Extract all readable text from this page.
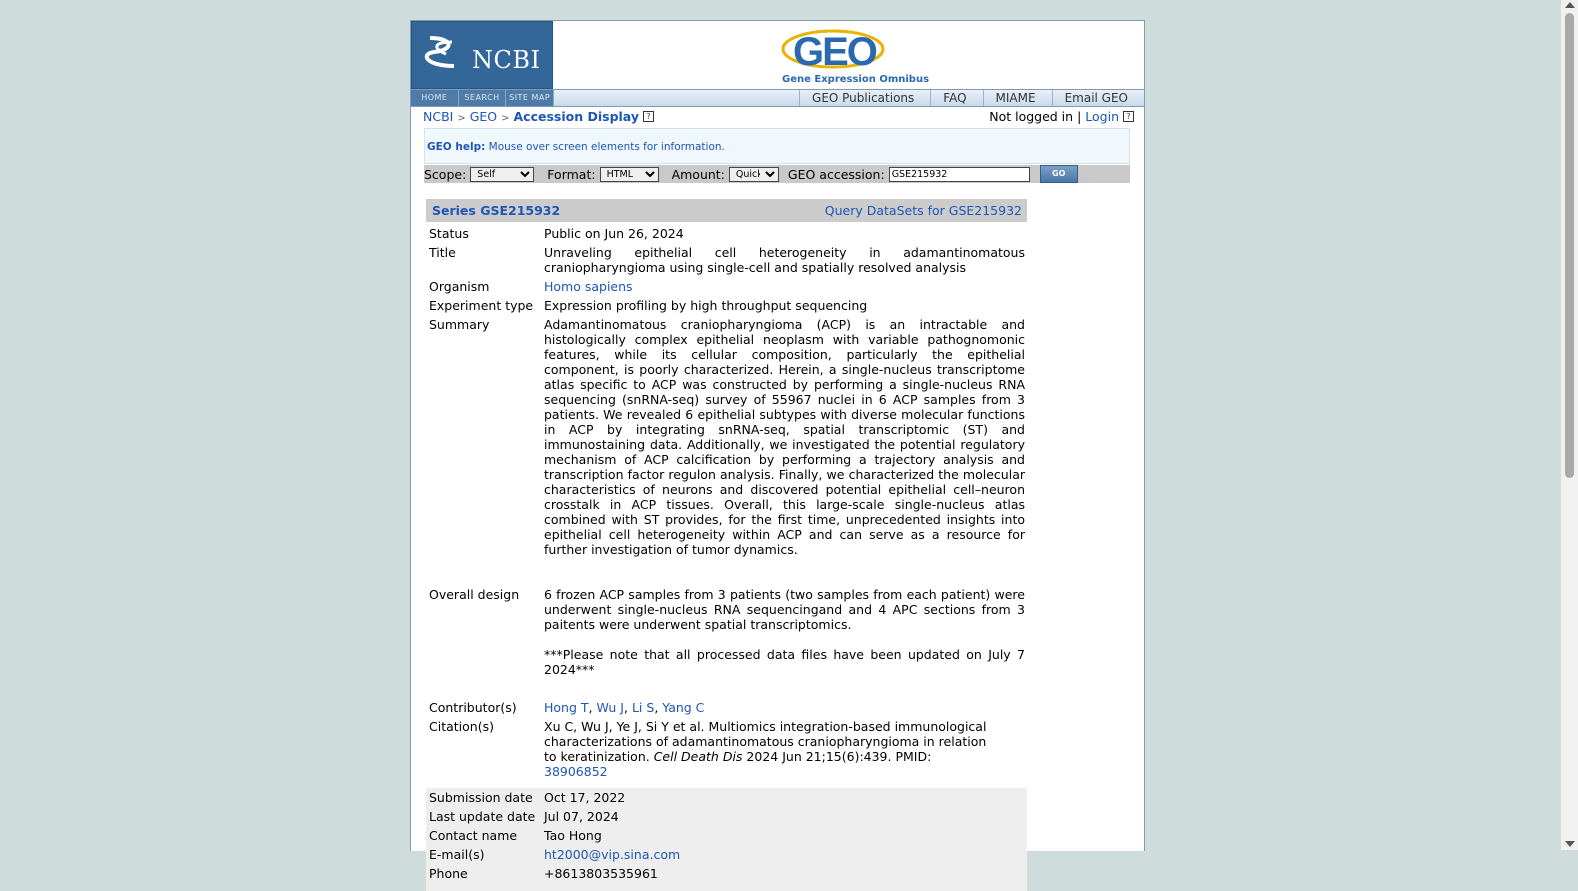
NCBI	GEO
Gene Expression Omnibus
HOME	SEARCH	SITE MAP	GEO Publications	FAQ	MIAME	Email GEO
NCBI > GEO > Accession Display ?	Not logged in | Login ?
GEO help: Mouse over screen elements for information.
Scope:
Self	Format:
HTML	Amount:
Quick	GEO accession:
GSE215932	GO
Series GSE215932	Query DataSets for GSE215932

Status	Public on Jun 26, 2024

Title	Unraveling epithelial cell heterogeneity in adamantinomatous craniopharyngioma using single-cell and spatially resolved analysis

Organism	Homo sapiens

Experiment type	Expression profiling by high throughput sequencing

Summary	Adamantinomatous craniopharyngioma (ACP) is an intractable and histologically complex epithelial neoplasm with variable pathognomonic features, while its cellular composition, particularly the epithelial component, is poorly characterized. Herein, a single-nucleus transcriptome atlas specific to ACP was constructed by performing a single-nucleus RNA sequencing (snRNA-seq) survey of 55967 nuclei in 6 ACP samples from 3 patients. We revealed 6 epithelial subtypes with diverse molecular functions in ACP by integrating snRNA-seq, spatial transcriptomic (ST) and immunostaining data. Additionally, we investigated the potential regulatory mechanism of ACP calcification by performing a trajectory analysis and transcription factor regulon analysis. Finally, we characterized the molecular characteristics of neurons and discovered potential epithelial cell–neuron crosstalk in ACP tissues. Overall, this large-scale single-nucleus atlas combined with ST provides, for the first time, unprecedented insights into epithelial cell heterogeneity within ACP and can serve as a resource for further investigation of tumor dynamics.

Overall design	6 frozen ACP samples from 3 patients (two samples from each patient) were underwent single-nucleus RNA sequencingand and 4 APC sections from 3 paitents were underwent spatial transcriptomics.
***Please note that all processed data files have been updated on July 7 2024***

Contributor(s)	Hong T, Wu J, Li S, Yang C

Citation(s)	Xu C, Wu J, Ye J, Si Y et al. Multiomics integration-based immunological characterizations of adamantinomatous craniopharyngioma in relation to keratinization. Cell Death Dis 2024 Jun 21;15(6):439. PMID: 38906852

Submission date	Oct 17, 2022

Last update date	Jul 07, 2024

Contact name	Tao Hong

E-mail(s)	ht2000@vip.sina.com

Phone	+8613803535961
